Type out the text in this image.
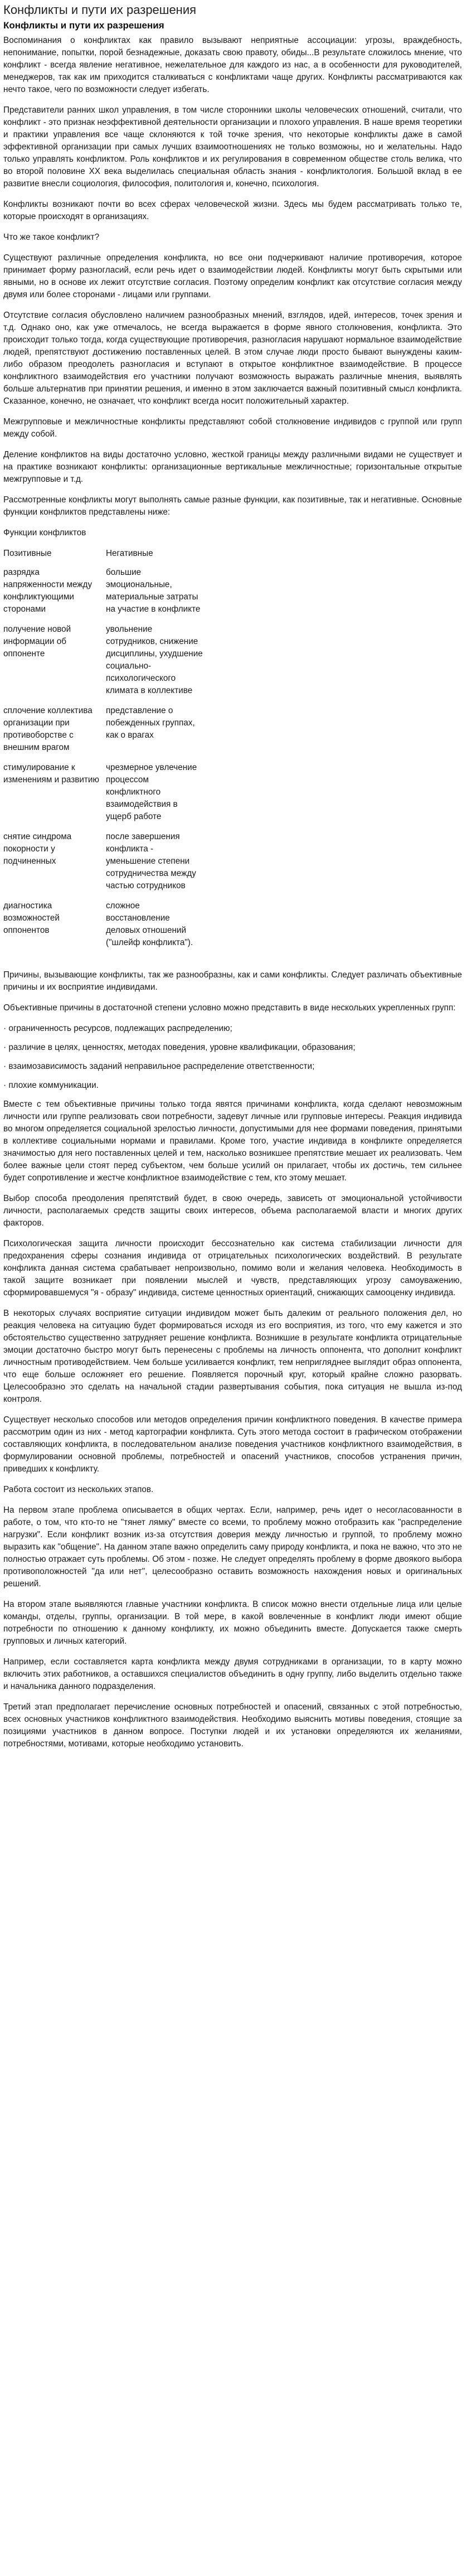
Конфликты и пути их разрешения
Конфликты и пути их разрешения

Воспоминания о конфликтах как правило вызывают неприятные ассоциации: угрозы, враждебность, непонимание, попытки, порой безнадежные, доказать свою правоту, обиды...В результате сложилось мнение, что конфликт - всегда явление негативное, нежелательное для каждого из нас, а в особенности для руководителей, менеджеров, так как им приходится сталкиваться с конфликтами чаще других. Конфликты рассматриваются как нечто такое, чего по возможности следует избегать.

Представители ранних школ управления, в том числе сторонники школы человеческих отношений, считали, что конфликт - это признак неэффективной деятельности организации и плохого управления. В наше время теоретики и практики управления все чаще склоняются к той точке зрения, что некоторые конфликты даже в самой эффективной организации при самых лучших взаимоотношениях не только возможны, но и желательны. Надо только управлять конфликтом. Роль конфликтов и их регулирования в современном обществе столь велика, что во второй половине XX века выделилась специальная область знания - конфликтология. Большой вклад в ее развитие внесли социология, философия, политология и, конечно, психология.

Конфликты возникают почти во всех сферах человеческой жизни. Здесь мы будем рассматривать только те, которые происходят в организациях.

Что же такое конфликт?

Существуют различные определения конфликта, но все они подчеркивают наличие противоречия, которое принимает форму разногласий, если речь идет о взаимодействии людей. Конфликты могут быть скрытыми или явными, но в основе их лежит отсутствие согласия. Поэтому определим конфликт как отсутствие согласия между двумя или более сторонами - лицами или группами.

Отсутствие согласия обусловлено наличием разнообразных мнений, взглядов, идей, интересов, точек зрения и т.д. Однако оно, как уже отмечалось, не всегда выражается в форме явного столкновения, конфликта. Это происходит только тогда, когда существующие противоречия, разногласия нарушают нормальное взаимодействие людей, препятствуют достижению поставленных целей. В этом случае люди просто бывают вынуждены каким-либо образом преодолеть разногласия и вступают в открытое конфликтное взаимодействие. В процессе конфликтного взаимодействия его участники получают возможность выражать различные мнения, выявлять больше альтернатив при принятии решения, и именно в этом заключается важный позитивный смысл конфликта. Сказанное, конечно, не означает, что конфликт всегда носит положительный характер.

Межгрупповые и межличностные конфликты представляют собой столкновение индивидов с группой или групп между собой.

Деление конфликтов на виды достаточно условно, жесткой границы между различными видами не существует и на практике возникают конфликты: организационные вертикальные межличностные; горизонтальные открытые межгрупповые и т.д.

Рассмотренные конфликты могут выполнять самые разные функции, как позитивные, так и негативные. Основные функции конфликтов представлены ниже:

Функции конфликтов

Позитивные	Негативные
разрядка напряженности между конфликтующими сторонами	большие эмоциональные, материальные затраты на участие в конфликте
получение новой информации об оппоненте	увольнение сотрудников, снижение дисциплины, ухудшение социально-психологического климата в коллективе
сплочение коллектива организации при противоборстве с внешним врагом	представление о побежденных группах, как о врагах
стимулирование к изменениям и развитию	чрезмерное увлечение процессом конфликтного взаимодействия в ущерб работе
снятие синдрома покорности у подчиненных	после завершения конфликта - уменьшение степени сотрудничества между частью сотрудников
диагностика возможностей оппонентов	сложное восстановление деловых отношений ("шлейф конфликта").

Причины, вызывающие конфликты, так же разнообразны, как и сами конфликты. Следует различать объективные причины и их восприятие индивидами.

Объективные причины в достаточной степени условно можно представить в виде нескольких укрепленных групп:

· ограниченность ресурсов, подлежащих распределению;

· различие в целях, ценностях, методах поведения, уровне квалификации, образования;

· взаимозависимость заданий неправильное распределение ответственности;

· плохие коммуникации.

Вместе с тем объективные причины только тогда явятся причинами конфликта, когда сделают невозможным личности или группе реализовать свои потребности, задевут личные или групповые интересы. Реакция индивида во многом определяется социальной зрелостью личности, допустимыми для нее формами поведения, принятыми в коллективе социальными нормами и правилами. Кроме того, участие индивида в конфликте определяется значимостью для него поставленных целей и тем, насколько возникшее препятствие мешает их реализовать. Чем более важные цели стоят перед субъектом, чем больше усилий он прилагает, чтобы их достичь, тем сильнее будет сопротивление и жестче конфликтное взаимодействие с тем, кто этому мешает.

Выбор способа преодоления препятствий будет, в свою очередь, зависеть от эмоциональной устойчивости личности, располагаемых средств защиты своих интересов, объема располагаемой власти и многих других факторов.

Психологическая защита личности происходит бессознательно как система стабилизации личности для предохранения сферы сознания индивида от отрицательных психологических воздействий. В результате конфликта данная система срабатывает непроизвольно, помимо воли и желания человека. Необходимость в такой защите возникает при появлении мыслей и чувств, представляющих угрозу самоуважению, сформировавшемуся "я - образу" индивида, системе ценностных ориентаций, снижающих самооценку индивида.

В некоторых случаях восприятие ситуации индивидом может быть далеким от реального положения дел, но реакция человека на ситуацию будет формироваться исходя из его восприятия, из того, что ему кажется и это обстоятельство существенно затрудняет решение конфликта. Возникшие в результате конфликта отрицательные эмоции достаточно быстро могут быть перенесены с проблемы на личность оппонента, что дополнит конфликт личностным противодействием. Чем больше усиливается конфликт, тем непригляднее выглядит образ оппонента, что еще больше осложняет его решение. Появляется порочный круг, который крайне сложно разорвать. Целесообразно это сделать на начальной стадии развертывания события, пока ситуация не вышла из-под контроля.

Существует несколько способов или методов определения причин конфликтного поведения. В качестве примера рассмотрим один из них - метод картографии конфликта. Суть этого метода состоит в графическом отображении составляющих конфликта, в последовательном анализе поведения участников конфликтного взаимодействия, в формулировании основной проблемы, потребностей и опасений участников, способов устранения причин, приведших к конфликту.

Работа состоит из нескольких этапов.

На первом этапе проблема описывается в общих чертах. Если, например, речь идет о несогласованности в работе, о том, что кто-то не "тянет лямку" вместе со всеми, то проблему можно отобразить как "распределение нагрузки". Если конфликт возник из-за отсутствия доверия между личностью и группой, то проблему можно выразить как "общение". На данном этапе важно определить саму природу конфликта, и пока не важно, что это не полностью отражает суть проблемы. Об этом - позже. Не следует определять проблему в форме двоякого выбора противоположностей "да или нет", целесообразно оставить возможность нахождения новых и оригинальных решений.

На втором этапе выявляются главные участники конфликта. В список можно внести отдельные лица или целые команды, отделы, группы, организации. В той мере, в какой вовлеченные в конфликт люди имеют общие потребности по отношению к данному конфликту, их можно объединить вместе. Допускается также смерть групповых и личных категорий.

Например, если составляется карта конфликта между двумя сотрудниками в организации, то в карту можно включить этих работников, а оставшихся специалистов объединить в одну группу, либо выделить отдельно также и начальника данного подразделения.

Третий этап предполагает перечисление основных потребностей и опасений, связанных с этой потребностью, всех основных участников конфликтного взаимодействия. Необходимо выяснить мотивы поведения, стоящие за позициями участников в данном вопросе. Поступки людей и их установки определяются их желаниями, потребностями, мотивами, которые необходимо установить.
